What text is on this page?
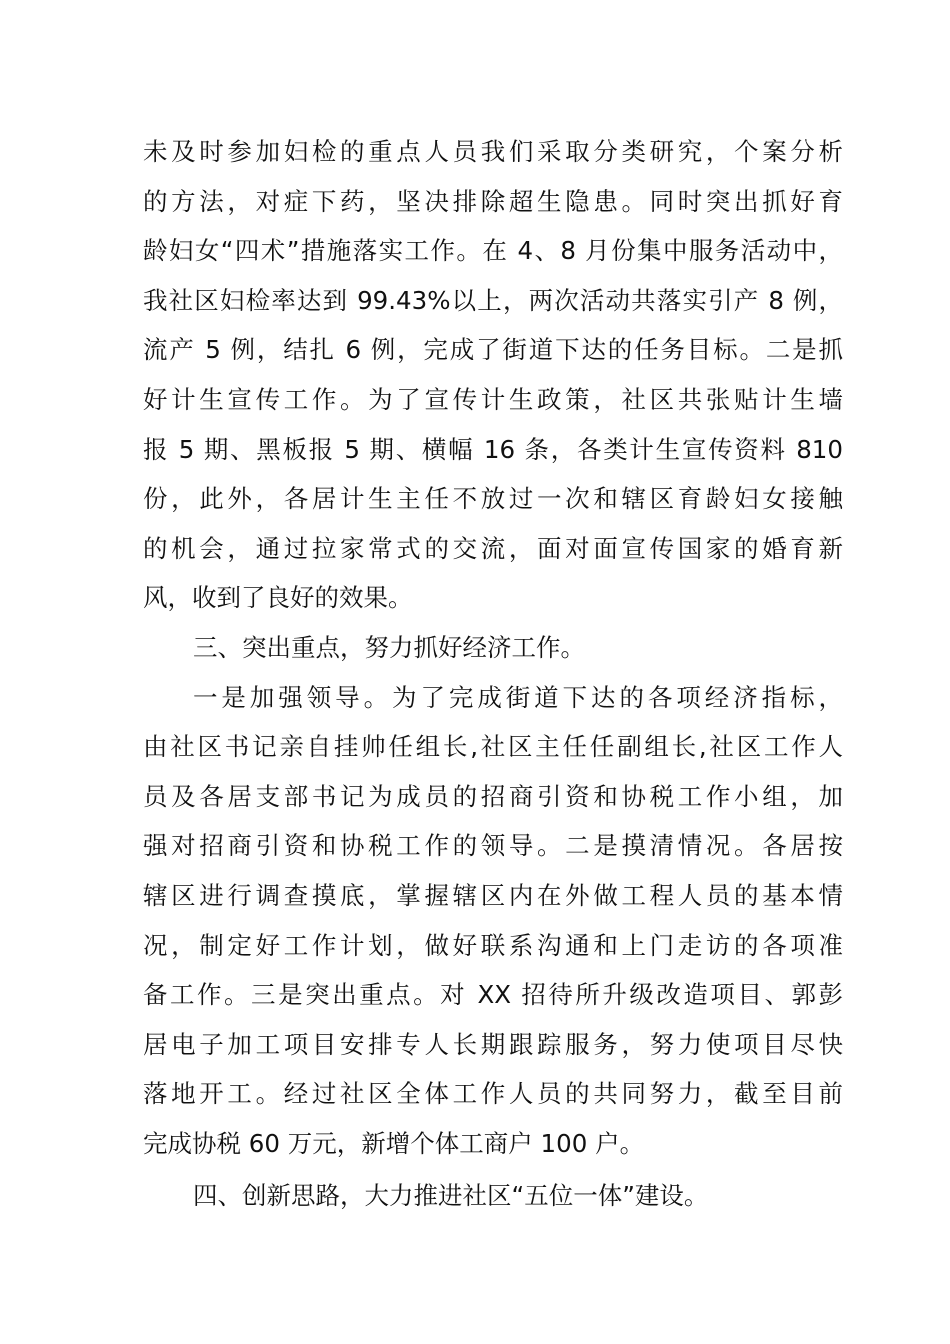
未及时参加妇检的重点人员我们采取分类研究，个案分析
的方法，对症下药，坚决排除超生隐患。同时突出抓好育
龄妇女“四术”措施落实工作。在 4、8 月份集中服务活动中，
我社区妇检率达到 99.43%以上，两次活动共落实引产 8 例，
流产 5 例，结扎 6 例，完成了街道下达的任务目标。二是抓
好计生宣传工作。为了宣传计生政策，社区共张贴计生墙
报 5 期、黑板报 5 期、横幅 16 条，各类计生宣传资料 810
份，此外，各居计生主任不放过一次和辖区育龄妇女接触
的机会，通过拉家常式的交流，面对面宣传国家的婚育新
风，收到了良好的效果。
三、突出重点，努力抓好经济工作。
一是加强领导。为了完成街道下达的各项经济指标，
由社区书记亲自挂帅任组长,社区主任任副组长,社区工作人
员及各居支部书记为成员的招商引资和协税工作小组，加
强对招商引资和协税工作的领导。二是摸清情况。各居按
辖区进行调查摸底，掌握辖区内在外做工程人员的基本情
况，制定好工作计划，做好联系沟通和上门走访的各项准
备工作。三是突出重点。对 XX 招待所升级改造项目、郭彭
居电子加工项目安排专人长期跟踪服务，努力使项目尽快
落地开工。经过社区全体工作人员的共同努力，截至目前
完成协税 60 万元，新增个体工商户 100 户。
四、创新思路，大力推进社区“五位一体”建设。
